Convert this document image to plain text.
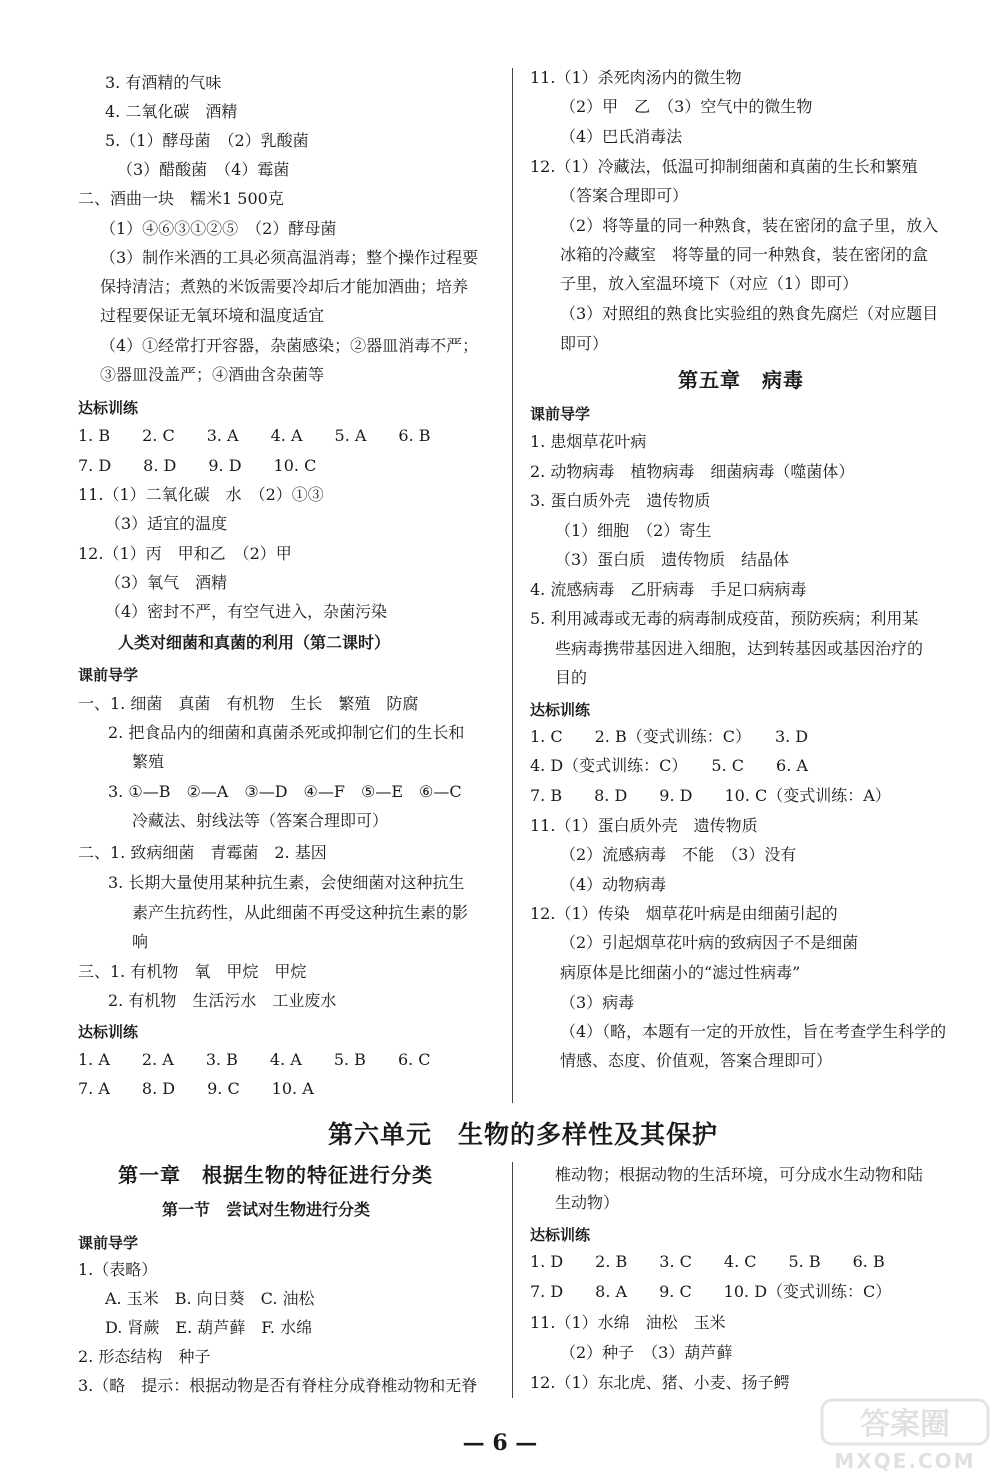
3. 有酒精的气味
4. 二氧化碳　酒精
5.（1）酵母菌　（2）乳酸菌
（3）醋酸菌　（4）霉菌
二、酒曲一块　糯米1 500克
（1）④⑥③①②⑤　（2）酵母菌
（3）制作米酒的工具必须高温消毒；整个操作过程要
保持清洁；煮熟的米饭需要冷却后才能加酒曲；培养
过程要保证无氧环境和温度适宜
（4）①经常打开容器，杂菌感染；②器皿消毒不严；
③器皿没盖严；④酒曲含杂菌等
达标训练
1. B　　2. C　　3. A　　4. A　　5. A　　6. B
7. D　　8. D　　9. D　　10. C
11.（1）二氧化碳　水　（2）①③
（3）适宜的温度
12.（1）丙　甲和乙　（2）甲
（3）氧气　酒精
（4）密封不严，有空气进入，杂菌污染
人类对细菌和真菌的利用（第二课时）
课前导学
一、1. 细菌　真菌　有机物　生长　繁殖　防腐
2. 把食品内的细菌和真菌杀死或抑制它们的生长和
繁殖
3. ①—B　②—A　③—D　④—F　⑤—E　⑥—C
冷藏法、射线法等（答案合理即可）
二、1. 致病细菌　青霉菌　2. 基因
3. 长期大量使用某种抗生素，会使细菌对这种抗生
素产生抗药性，从此细菌不再受这种抗生素的影
响
三、1. 有机物　氧　甲烷　甲烷
2. 有机物　生活污水　工业废水
达标训练
1. A　　2. A　　3. B　　4. A　　5. B　　6. C
7. A　　8. D　　9. C　　10. A
11.（1）杀死肉汤内的微生物
（2）甲　乙　（3）空气中的微生物
（4）巴氏消毒法
12.（1）冷藏法，低温可抑制细菌和真菌的生长和繁殖
（答案合理即可）
（2）将等量的同一种熟食，装在密闭的盒子里，放入
冰箱的冷藏室　将等量的同一种熟食，装在密闭的盒
子里，放入室温环境下（对应（1）即可）
（3）对照组的熟食比实验组的熟食先腐烂（对应题目
即可）
第五章　病毒
课前导学
1. 患烟草花叶病
2. 动物病毒　植物病毒　细菌病毒（噬菌体）
3. 蛋白质外壳　遗传物质
（1）细胞　（2）寄生
（3）蛋白质　遗传物质　结晶体
4. 流感病毒　乙肝病毒　手足口病病毒
5. 利用减毒或无毒的病毒制成疫苗，预防疾病；利用某
些病毒携带基因进入细胞，达到转基因或基因治疗的
目的
达标训练
1. C　　2. B（变式训练：C）　　3. D
4. D（变式训练：C）　　5. C　　6. A
7. B　　8. D　　9. D　　10. C（变式训练：A）
11.（1）蛋白质外壳　遗传物质
（2）流感病毒　不能　（3）没有
（4）动物病毒
12.（1）传染　烟草花叶病是由细菌引起的
（2）引起烟草花叶病的致病因子不是细菌
病原体是比细菌小的“滤过性病毒”
（3）病毒
（4）（略，本题有一定的开放性，旨在考查学生科学的
情感、态度、价值观，答案合理即可）
第六单元　生物的多样性及其保护
第一章　根据生物的特征进行分类
第一节　尝试对生物进行分类
课前导学
1.（表略）
A. 玉米　B. 向日葵　C. 油松
D. 肾蕨　E. 葫芦藓　F. 水绵
2. 形态结构　种子
3.（略　提示：根据动物是否有脊柱分成脊椎动物和无脊
椎动物；根据动物的生活环境，可分成水生动物和陆
生动物）
达标训练
1. D　　2. B　　3. C　　4. C　　5. B　　6. B
7. D　　8. A　　9. C　　10. D（变式训练：C）
11.（1）水绵　油松　玉米
（2）种子　（3）葫芦藓
12.（1）东北虎、猪、小麦、扬子鳄
— 6 —
答案圈
MXQE.COM
